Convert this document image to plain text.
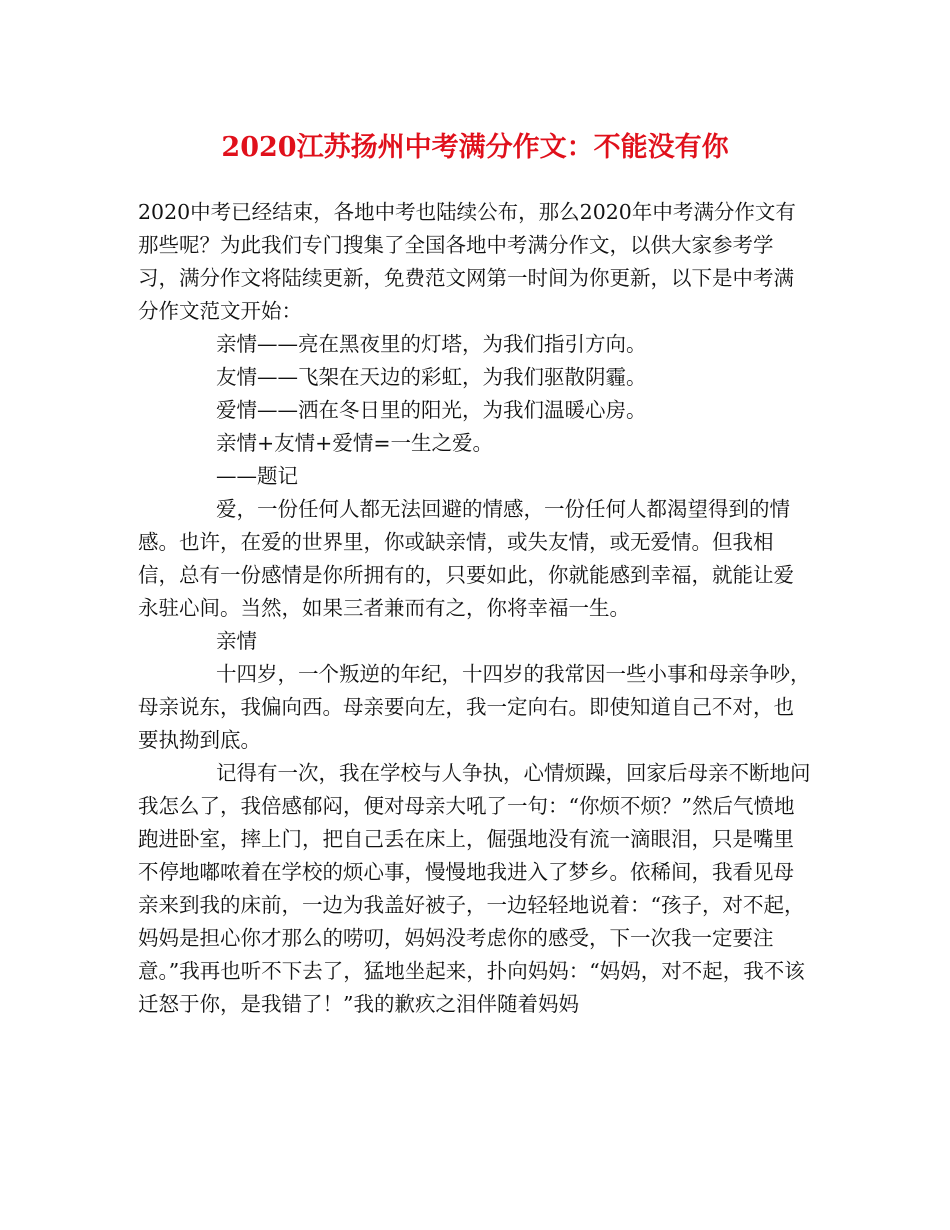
2020江苏扬州中考满分作文：不能没有你

2020中考已经结束，各地中考也陆续公布，那么2020年中考满分作文有那些呢？为此我们专门搜集了全国各地中考满分作文，以供大家参考学习，满分作文将陆续更新，免费范文网第一时间为你更新，以下是中考满分作文范文开始：

亲情——亮在黑夜里的灯塔，为我们指引方向。

友情——飞架在天边的彩虹，为我们驱散阴霾。

爱情——洒在冬日里的阳光，为我们温暖心房。

亲情+友情+爱情=一生之爱。

——题记

爱，一份任何人都无法回避的情感，一份任何人都渴望得到的情感。也许，在爱的世界里，你或缺亲情，或失友情，或无爱情。但我相信，总有一份感情是你所拥有的，只要如此，你就能感到幸福，就能让爱永驻心间。当然，如果三者兼而有之，你将幸福一生。

亲情

十四岁，一个叛逆的年纪，十四岁的我常因一些小事和母亲争吵，母亲说东，我偏向西。母亲要向左，我一定向右。即使知道自己不对，也要执拗到底。

记得有一次，我在学校与人争执，心情烦躁，回家后母亲不断地问我怎么了，我倍感郁闷，便对母亲大吼了一句：“你烦不烦？”然后气愤地跑进卧室，摔上门，把自己丢在床上，倔强地没有流一滴眼泪，只是嘴里不停地嘟哝着在学校的烦心事，慢慢地我进入了梦乡。依稀间，我看见母亲来到我的床前，一边为我盖好被子，一边轻轻地说着：“孩子，对不起，妈妈是担心你才那么的唠叨，妈妈没考虑你的感受，下一次我一定要注意。”我再也听不下去了，猛地坐起来，扑向妈妈：“妈妈，对不起，我不该迁怒于你，是我错了！”我的歉疚之泪伴随着妈妈
